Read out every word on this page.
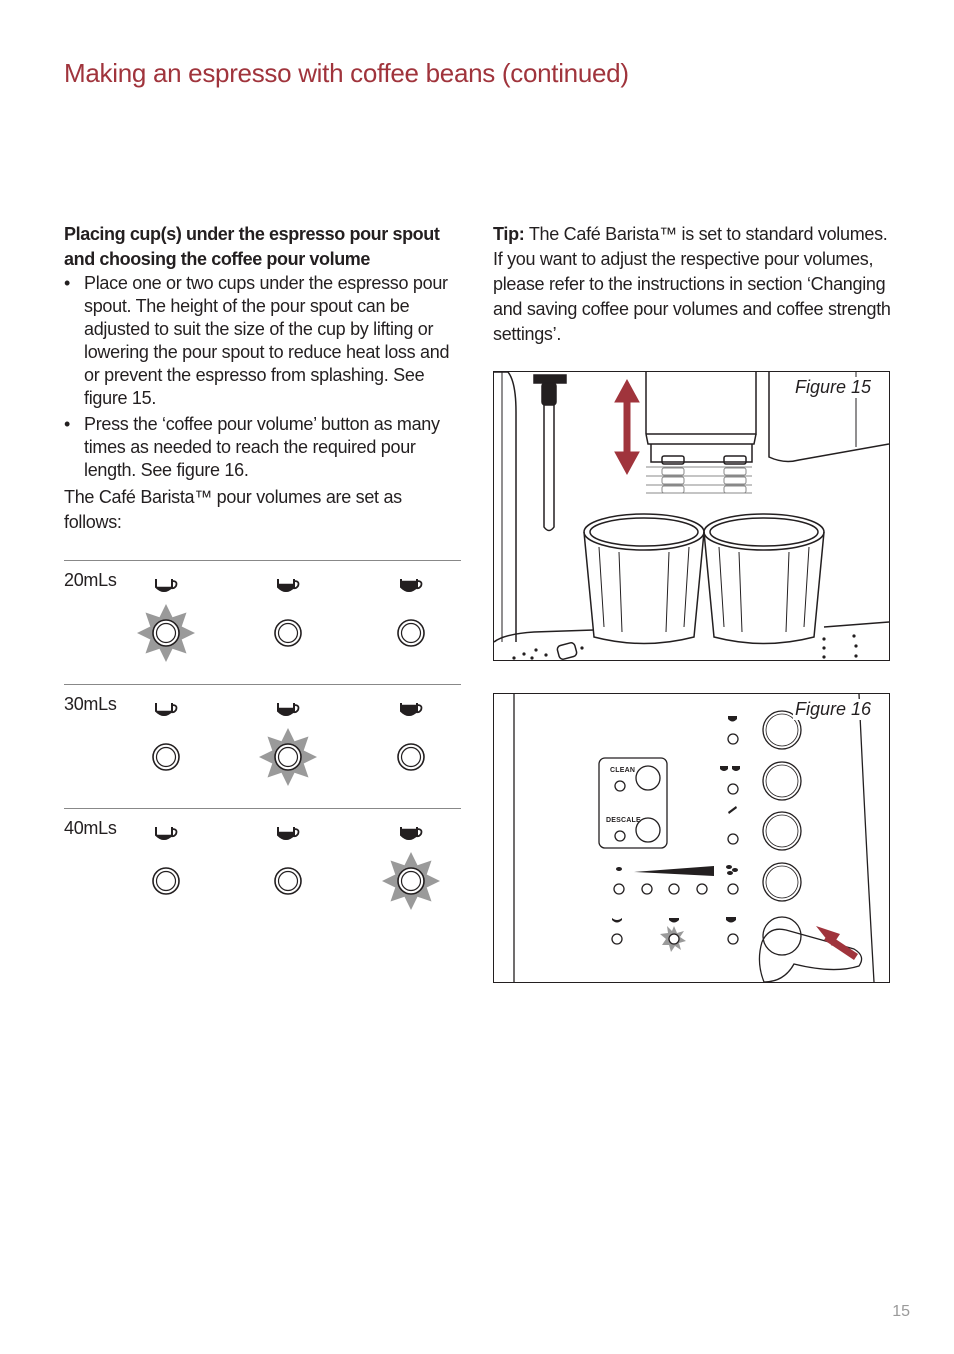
Making an espresso with coffee beans (continued)
Placing cup(s) under the espresso pour spout and choosing the coffee pour volume
• Place one or two cups under the espresso pour spout. The height of the pour spout can be adjusted to suit the size of the cup by lifting or lowering the pour spout to reduce heat loss and or prevent the espresso from splashing. See figure 15.
• Press the ‘coffee pour volume’ button as many times as needed to reach the required pour length. See figure 16.
The Café Barista™ pour volumes are set as follows:
20mLs
30mLs
40mLs
Tip: The Café Barista™ is set to standard volumes. If you want to adjust the respective pour volumes, please refer to the instructions in section ‘Changing and saving coffee pour volumes and coffee strength settings’.
Figure 15
CLEAN
DESCALE
Figure 16
15
